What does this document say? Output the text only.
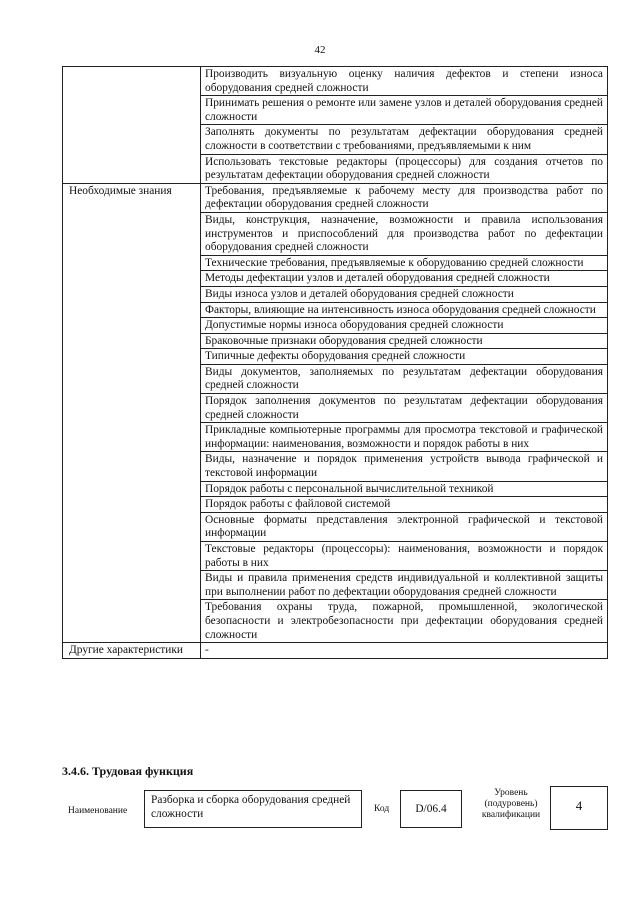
42
	Производить визуальную оценку наличия дефектов и степени износа оборудования средней сложности
	Принимать решения о ремонте или замене узлов и деталей оборудования средней сложности
	Заполнять документы по результатам дефектации оборудования средней сложности в соответствии с требованиями, предъявляемыми к ним
	Использовать текстовые редакторы (процессоры) для создания отчетов по результатам дефектации оборудования средней сложности
Необходимые знания	Требования, предъявляемые к рабочему месту для производства работ по дефектации оборудования средней сложности
	Виды, конструкция, назначение, возможности и правила использования инструментов и приспособлений для производства работ по дефектации оборудования средней сложности
	Технические требования, предъявляемые к оборудованию средней сложности
	Методы дефектации узлов и деталей оборудования средней сложности
	Виды износа узлов и деталей оборудования средней сложности
	Факторы, влияющие на интенсивность износа оборудования средней сложности
	Допустимые нормы износа оборудования средней сложности
	Браковочные признаки оборудования средней сложности
	Типичные дефекты оборудования средней сложности
	Виды документов, заполняемых по результатам дефектации оборудования средней сложности
	Порядок заполнения документов по результатам дефектации оборудования средней сложности
	Прикладные компьютерные программы для просмотра текстовой и графической информации: наименования, возможности и порядок работы в них
	Виды, назначение и порядок применения устройств вывода графической и текстовой информации
	Порядок работы с персональной вычислительной техникой
	Порядок работы с файловой системой
	Основные форматы представления электронной графической и текстовой информации
	Текстовые редакторы (процессоры): наименования, возможности и порядок работы в них
	Виды и правила применения средств индивидуальной и коллективной защиты при выполнении работ по дефектации оборудования средней сложности
	Требования охраны труда, пожарной, промышленной, экологической безопасности и электробезопасности при дефектации оборудования средней сложности
Другие характеристики	-
3.4.6. Трудовая функция
Наименование
Разборка и сборка оборудования средней сложности	Код	D/06.4
Уровень (подуровень) квалификации
4
